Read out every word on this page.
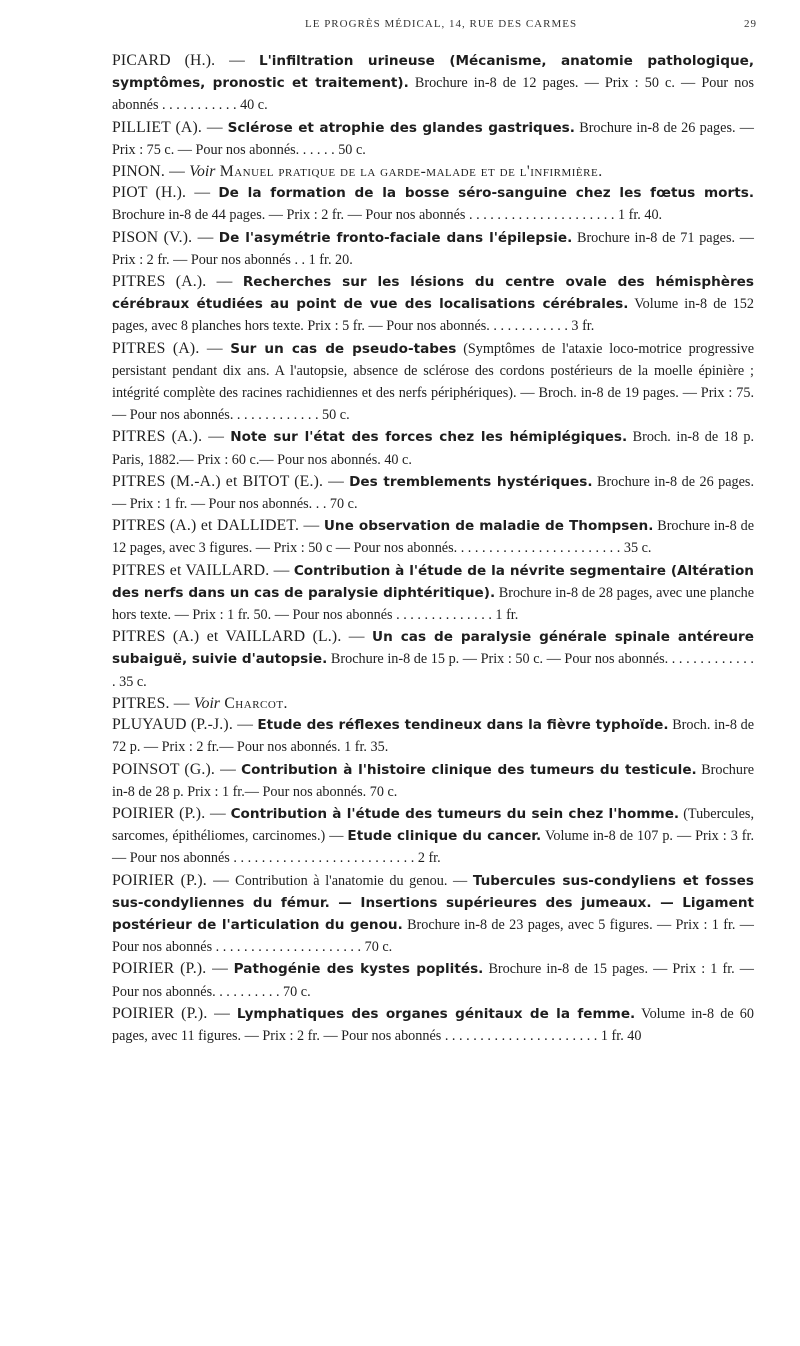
LE PROGRÈS MÉDICAL, 14, RUE DES CARMES	29

PICARD (H.). — L'infiltration urineuse (Mécanisme, anatomie pathologique, symptômes, pronostic et traitement). Brochure in-8 de 12 pages. — Prix : 50 c. — Pour nos abonnés . . . . . . . . . . . 40 c.

PILLIET (A). — Sclérose et atrophie des glandes gastriques. Brochure in-8 de 26 pages. — Prix : 75 c. — Pour nos abonnés. . . . . . 50 c.

PINON. — Voir Manuel pratique de la garde-malade et de l'infirmière.

PIOT (H.). — De la formation de la bosse séro-sanguine chez les fœtus morts. Brochure in-8 de 44 pages. — Prix : 2 fr. — Pour nos abonnés . . . . . . . . . . . . . . . . . . . . . 1 fr. 40.

PISON (V.). — De l'asymétrie fronto-faciale dans l'épilepsie. Brochure in-8 de 71 pages. — Prix : 2 fr. — Pour nos abonnés . . 1 fr. 20.

PITRES (A.). — Recherches sur les lésions du centre ovale des hémisphères cérébraux étudiées au point de vue des localisations cérébrales. Volume in-8 de 152 pages, avec 8 planches hors texte. Prix : 5 fr. — Pour nos abonnés. . . . . . . . . . . . 3 fr.

PITRES (A). — Sur un cas de pseudo-tabes (Symptômes de l'ataxie loco-motrice progressive persistant pendant dix ans. A l'autopsie, absence de sclérose des cordons postérieurs de la moelle épinière ; intégrité complète des racines rachidiennes et des nerfs périphériques). — Broch. in-8 de 19 pages. — Prix : 75. — Pour nos abonnés. . . . . . . . . . . . . 50 c.

PITRES (A.). — Note sur l'état des forces chez les hémiplégiques. Broch. in-8 de 18 p. Paris, 1882.— Prix : 60 c.— Pour nos abonnés. 40 c.

PITRES (M.-A.) et BITOT (E.). — Des tremblements hystériques. Brochure in-8 de 26 pages. — Prix : 1 fr. — Pour nos abonnés. . . 70 c.

PITRES (A.) et DALLIDET. — Une observation de maladie de Thompsen. Brochure in-8 de 12 pages, avec 3 figures. — Prix : 50 c — Pour nos abonnés. . . . . . . . . . . . . . . . . . . . . . . . 35 c.

PITRES et VAILLARD. — Contribution à l'étude de la névrite segmentaire (Altération des nerfs dans un cas de paralysie diphtéritique). Brochure in-8 de 28 pages, avec une planche hors texte. — Prix : 1 fr. 50. — Pour nos abonnés . . . . . . . . . . . . . . 1 fr.

PITRES (A.) et VAILLARD (L.). — Un cas de paralysie générale spinale antéreure subaiguë, suivie d'autopsie. Brochure in-8 de 15 p. — Prix : 50 c. — Pour nos abonnés. . . . . . . . . . . . . . 35 c.

PITRES. — Voir Charcot.

PLUYAUD (P.-J.). — Etude des réflexes tendineux dans la fièvre typhoïde. Broch. in-8 de 72 p. — Prix : 2 fr.— Pour nos abonnés. 1 fr. 35.

POINSOT (G.). — Contribution à l'histoire clinique des tumeurs du testicule. Brochure in-8 de 28 p. Prix : 1 fr.— Pour nos abonnés. 70 c.

POIRIER (P.). — Contribution à l'étude des tumeurs du sein chez l'homme. (Tubercules, sarcomes, épithéliomes, carcinomes.) — Etude clinique du cancer. Volume in-8 de 107 p. — Prix : 3 fr. — Pour nos abonnés . . . . . . . . . . . . . . . . . . . . . . . . . . 2 fr.

POIRIER (P.). — Contribution à l'anatomie du genou. — Tubercules sus-condyliens et fosses sus-condyliennes du fémur. — Insertions supérieures des jumeaux. — Ligament postérieur de l'articulation du genou. Brochure in-8 de 23 pages, avec 5 figures. — Prix : 1 fr. — Pour nos abonnés . . . . . . . . . . . . . . . . . . . . . 70 c.

POIRIER (P.). — Pathogénie des kystes poplités. Brochure in-8 de 15 pages. — Prix : 1 fr. — Pour nos abonnés. . . . . . . . . . 70 c.

POIRIER (P.). — Lymphatiques des organes génitaux de la femme. Volume in-8 de 60 pages, avec 11 figures. — Prix : 2 fr. — Pour nos abonnés . . . . . . . . . . . . . . . . . . . . . . 1 fr. 40
